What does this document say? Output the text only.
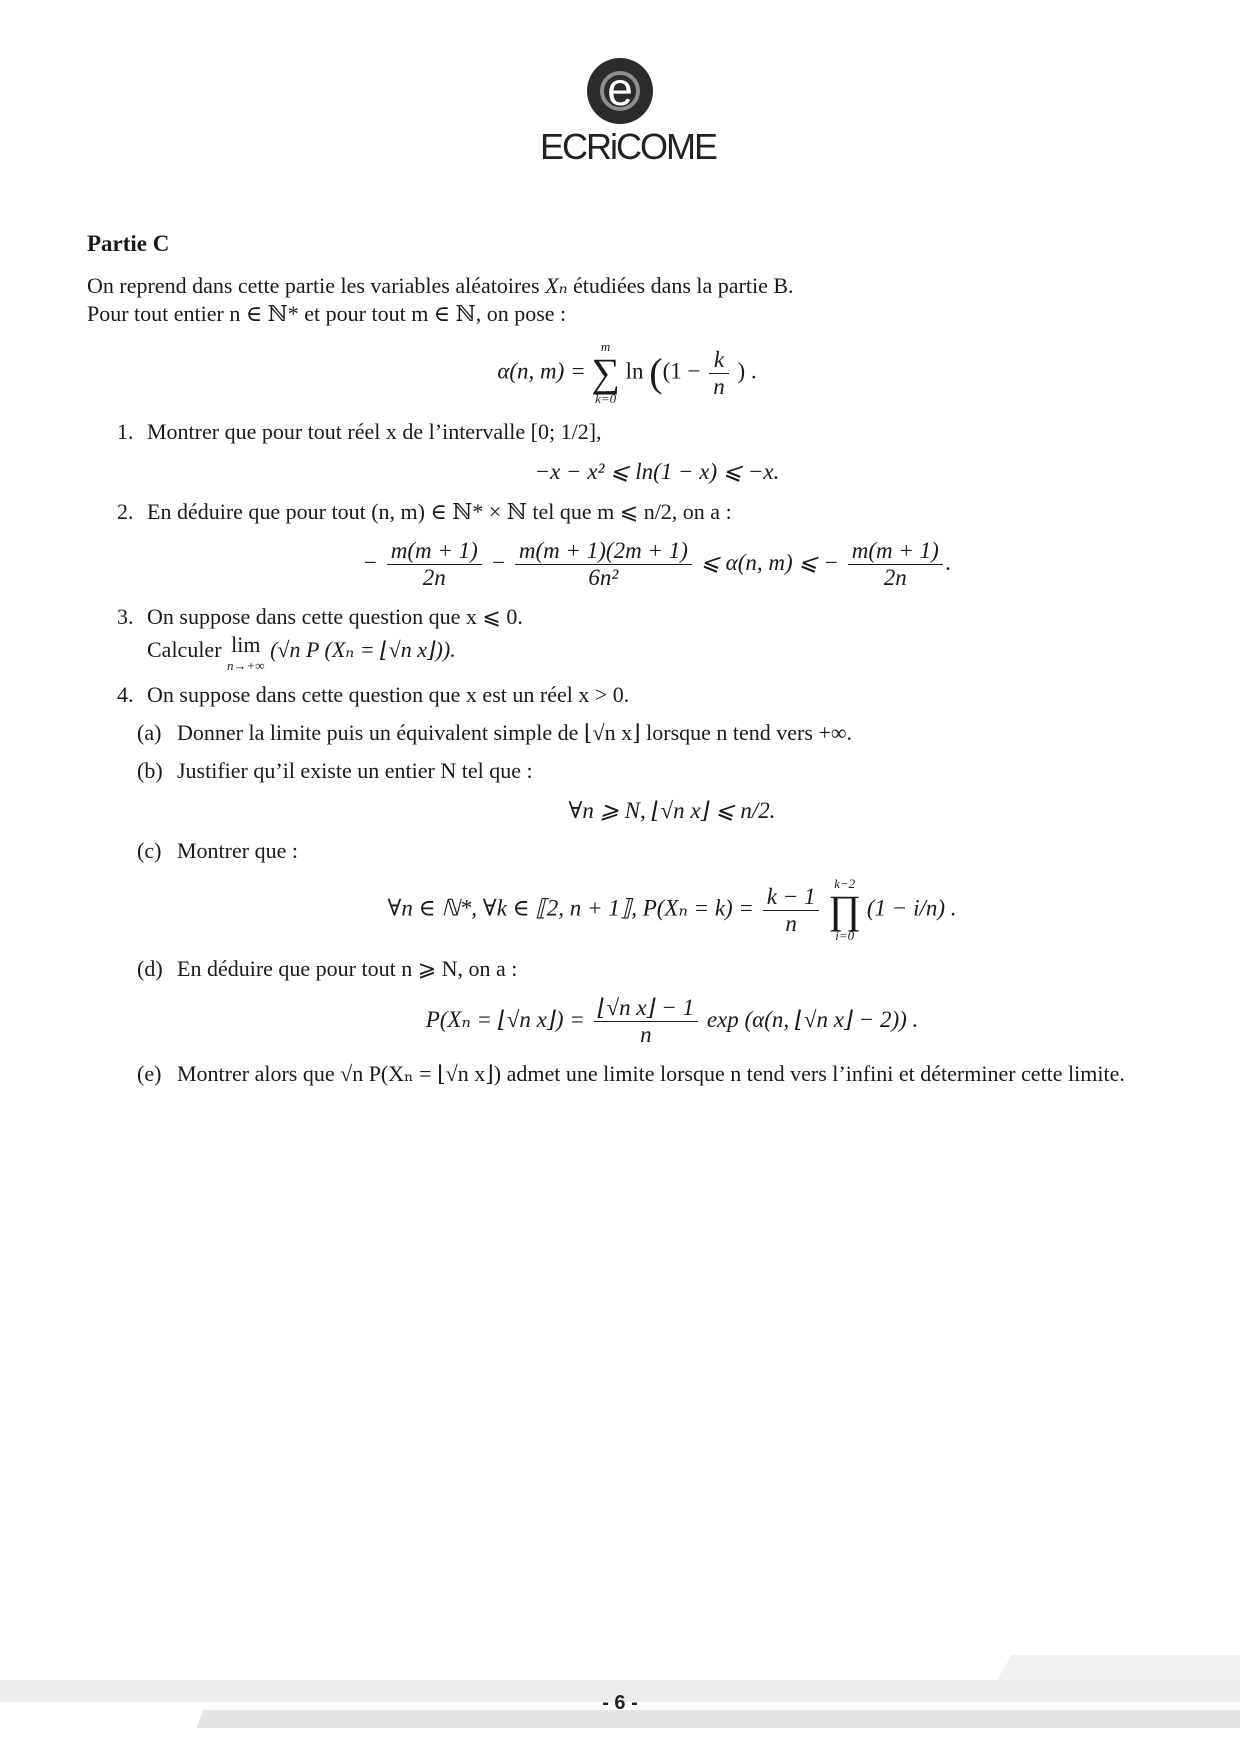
e
ECRiCOME
Partie C

On reprend dans cette partie les variables aléatoires Xₙ étudiées dans la partie B.

Pour tout entier n ∈ ℕ* et pour tout m ∈ ℕ, on pose :

α(n, m) =
m
∑
k=0
$\ln ((1 - \frac{k}{n}$ ) .
1. Montrer que pour tout réel x de l’intervalle [0; 1/2],
−x − x² ⩽ ln(1 − x) ⩽ −x.
2. En déduire que pour tout (n, m) ∈ ℕ* × ℕ tel que m ⩽ n/2, on a :
− $\frac{m(m + 1)}{2n} - \frac{m(m + 1)(2m + 1)}{\text{6n²}}$ ⩽ α(n, m) ⩽ − $\frac{m(m + 1)}{2n}$ .
3. On suppose dans cette question que x ⩽ 0.
Calculer lim
n→+∞
(√n P (Xₙ = ⌊√n x⌋)).
4. On suppose dans cette question que x est un réel x > 0.
(a) Donner la limite puis un équivalent simple de ⌊√n x⌋ lorsque n tend vers +∞.
(b) Justifier qu’il existe un entier N tel que :
∀n ⩾ N, ⌊√n x⌋ ⩽ n/2.
(c) Montrer que :
∀n ∈ ℕ*, ∀k ∈ ⟦2, n + 1⟧, $P(X_n = k) = \frac{k - 1}{n}$
	k−2
∏
i=0
(1 − i/n) .
(d) En déduire que pour tout n ⩾ N, on a :
P(Xₙ = ⌊√n x⌋) = $\frac{\text{⌊√n x⌋ − 1}}{n}$ exp (α(n, ⌊√n x⌋ − 2)) .
(e) Montrer alors que √n P(Xₙ = ⌊√n x⌋) admet une limite lorsque n tend vers l’infini et déterminer cette limite.
- 6 -
